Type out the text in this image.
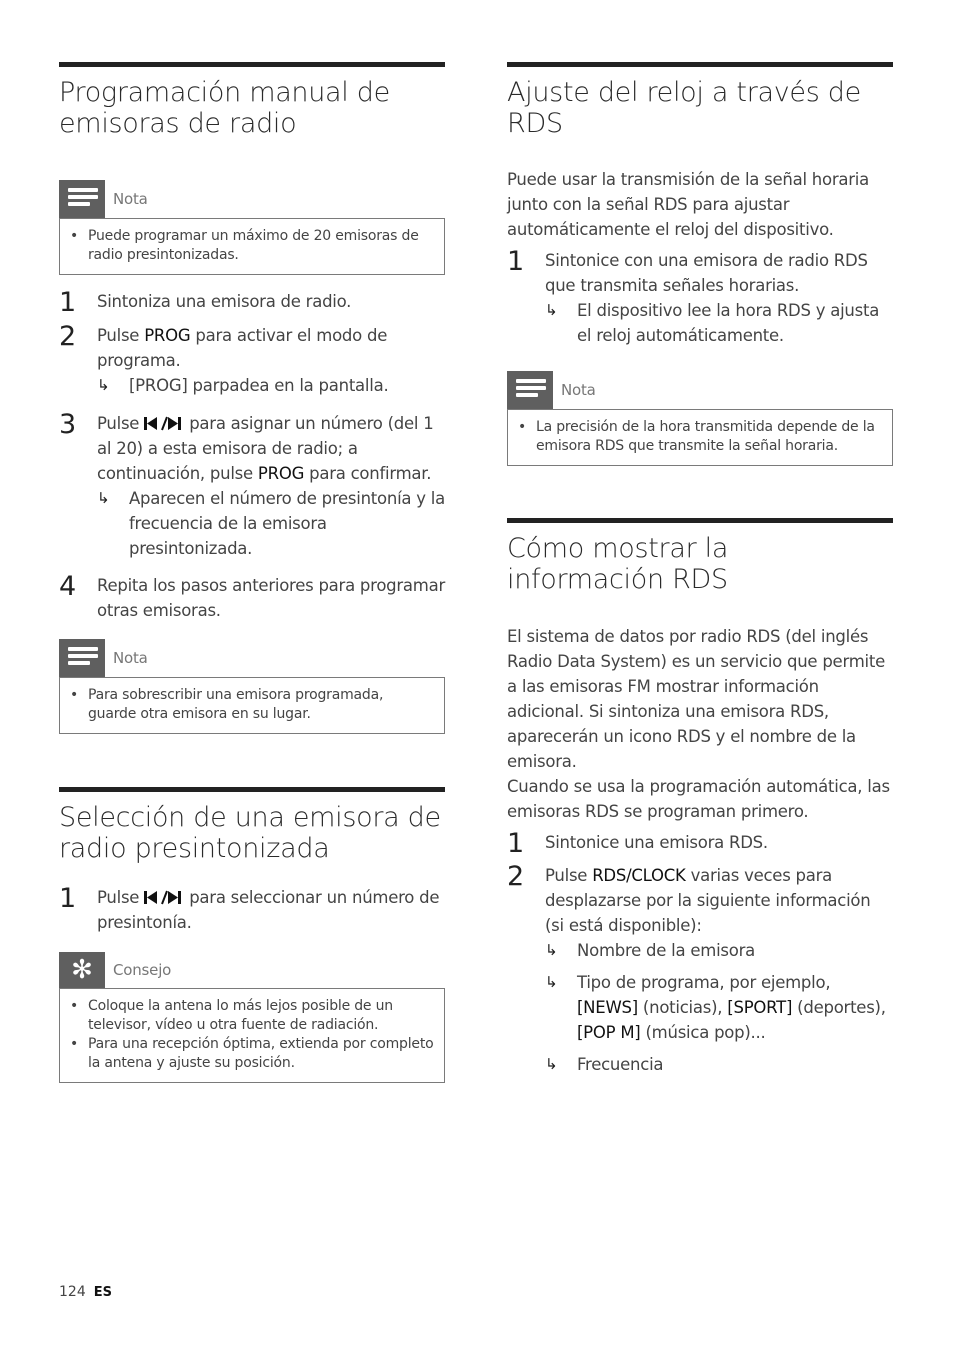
Programación manual de emisoras de radio
Nota
• Puede programar un máximo de 20 emisoras de radio presintonizadas.
1	Sintoniza una emisora de radio.
2	Pulse PROG para activar el modo de programa.
↳	[PROG] parpadea en la pantalla.
3	Pulse  para asignar un número (del 1 al 20) a esta emisora de radio; a continuación, pulse PROG para confirmar.
↳	Aparecen el número de presintonía y la frecuencia de la emisora presintonizada.
4	Repita los pasos anteriores para programar otras emisoras.
Nota
• Para sobrescribir una emisora programada, guarde otra emisora en su lugar.
Selección de una emisora de radio presintonizada
1	Pulse  para seleccionar un número de presintonía.
✻	Consejo
• Coloque la antena lo más lejos posible de un televisor, vídeo u otra fuente de radiación.
• Para una recepción óptima, extienda por completo la antena y ajuste su posición.
Ajuste del reloj a través de RDS

Puede usar la transmisión de la señal horaria junto con la señal RDS para ajustar automáticamente el reloj del dispositivo.

1	Sintonice con una emisora de radio RDS que transmita señales horarias.
↳	El dispositivo lee la hora RDS y ajusta el reloj automáticamente.
Nota
• La precisión de la hora transmitida depende de la emisora RDS que transmite la señal horaria.
Cómo mostrar la información RDS

El sistema de datos por radio RDS (del inglés Radio Data System) es un servicio que permite a las emisoras FM mostrar información adicional. Si sintoniza una emisora RDS, aparecerán un icono RDS y el nombre de la emisora.

Cuando se usa la programación automática, las emisoras RDS se programan primero.

1	Sintonice una emisora RDS.
2	Pulse RDS/CLOCK varias veces para desplazarse por la siguiente información (si está disponible):
↳	Nombre de la emisora
↳	Tipo de programa, por ejemplo, [NEWS] (noticias), [SPORT] (deportes), [POP M] (música pop)...
↳	Frecuencia
124 ES
